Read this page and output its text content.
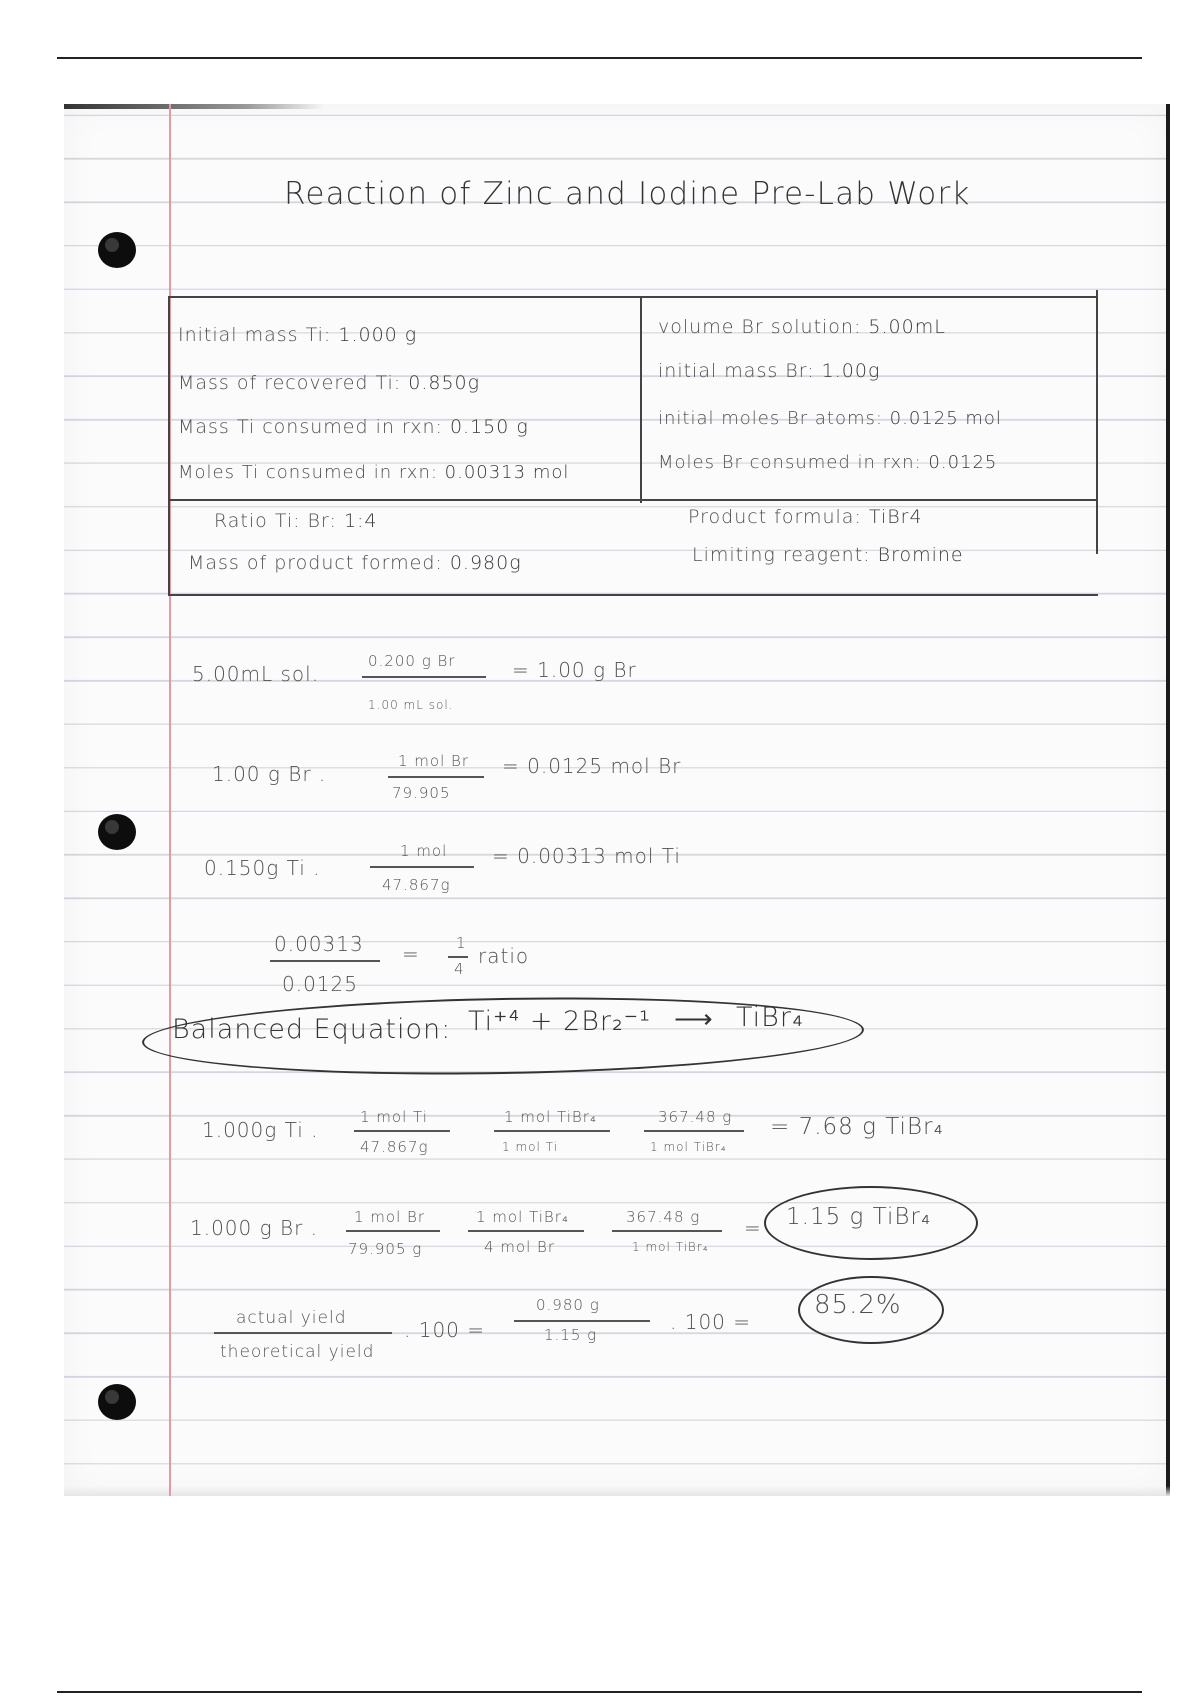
Reaction of Zinc and Iodine Pre-Lab Work
Initial mass Ti: 1.000 g
Mass of recovered Ti: 0.850g
Mass Ti consumed in rxn: 0.150 g
Moles Ti consumed in rxn: 0.00313 mol
volume Br solution: 5.00mL
initial mass Br: 1.00g
initial moles Br atoms: 0.0125 mol
Moles Br consumed in rxn: 0.0125
Ratio Ti: Br: 1:4
Mass of product formed: 0.980g
Product formula: TiBr4
Limiting reagent: Bromine
5.00mL sol.
0.200 g Br
1.00 mL sol.
= 1.00 g Br
1.00 g Br .
1 mol Br
79.905
= 0.0125 mol Br
0.150g Ti .
1 mol
47.867g
= 0.00313 mol Ti
0.00313
0.0125
= 1
4
ratio
Balanced Equation: Ti⁺⁴ + 2Br₂⁻¹ ⟶ TiBr₄
1.000g Ti .
1 mol Ti
47.867g
1 mol TiBr₄
1 mol Ti
367.48 g
1 mol TiBr₄
= 7.68 g TiBr₄
1.000 g Br . 1 mol Br
79.905 g
1 mol TiBr₄
4 mol Br
367.48 g
1 mol TiBr₄
= 1.15 g TiBr₄
actual yield
theoretical yield
. 100 =
0.980 g
1.15 g
. 100 =
85.2%
